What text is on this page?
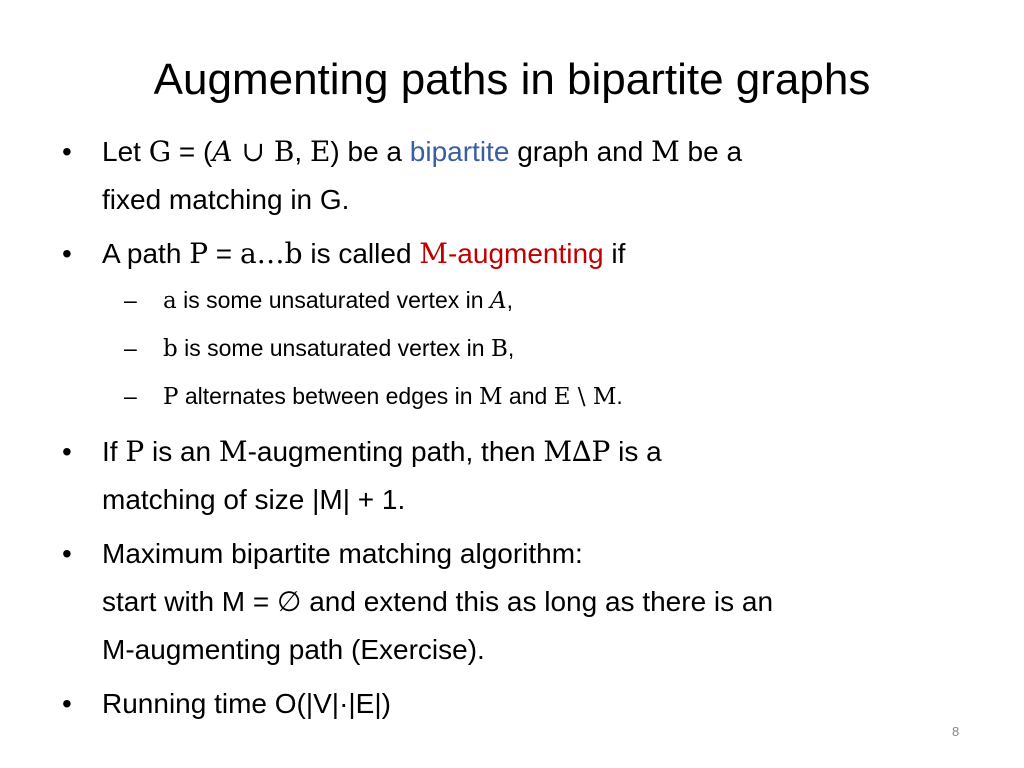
Augmenting paths in bipartite graphs
• Let G = (A ∪ B, E) be a bipartite graph and M be a
fixed matching in G.
• A path P = a…b is called M-augmenting if
– a is some unsaturated vertex in A,
– b is some unsaturated vertex in B,
– P alternates between edges in M and E \ M.
• If P is an M-augmenting path, then M∆P is a
matching of size |M| + 1.
• Maximum bipartite matching algorithm:
start with M = ∅ and extend this as long as there is an
M-augmenting path (Exercise).
• Running time O(|V|·|E|)
8
